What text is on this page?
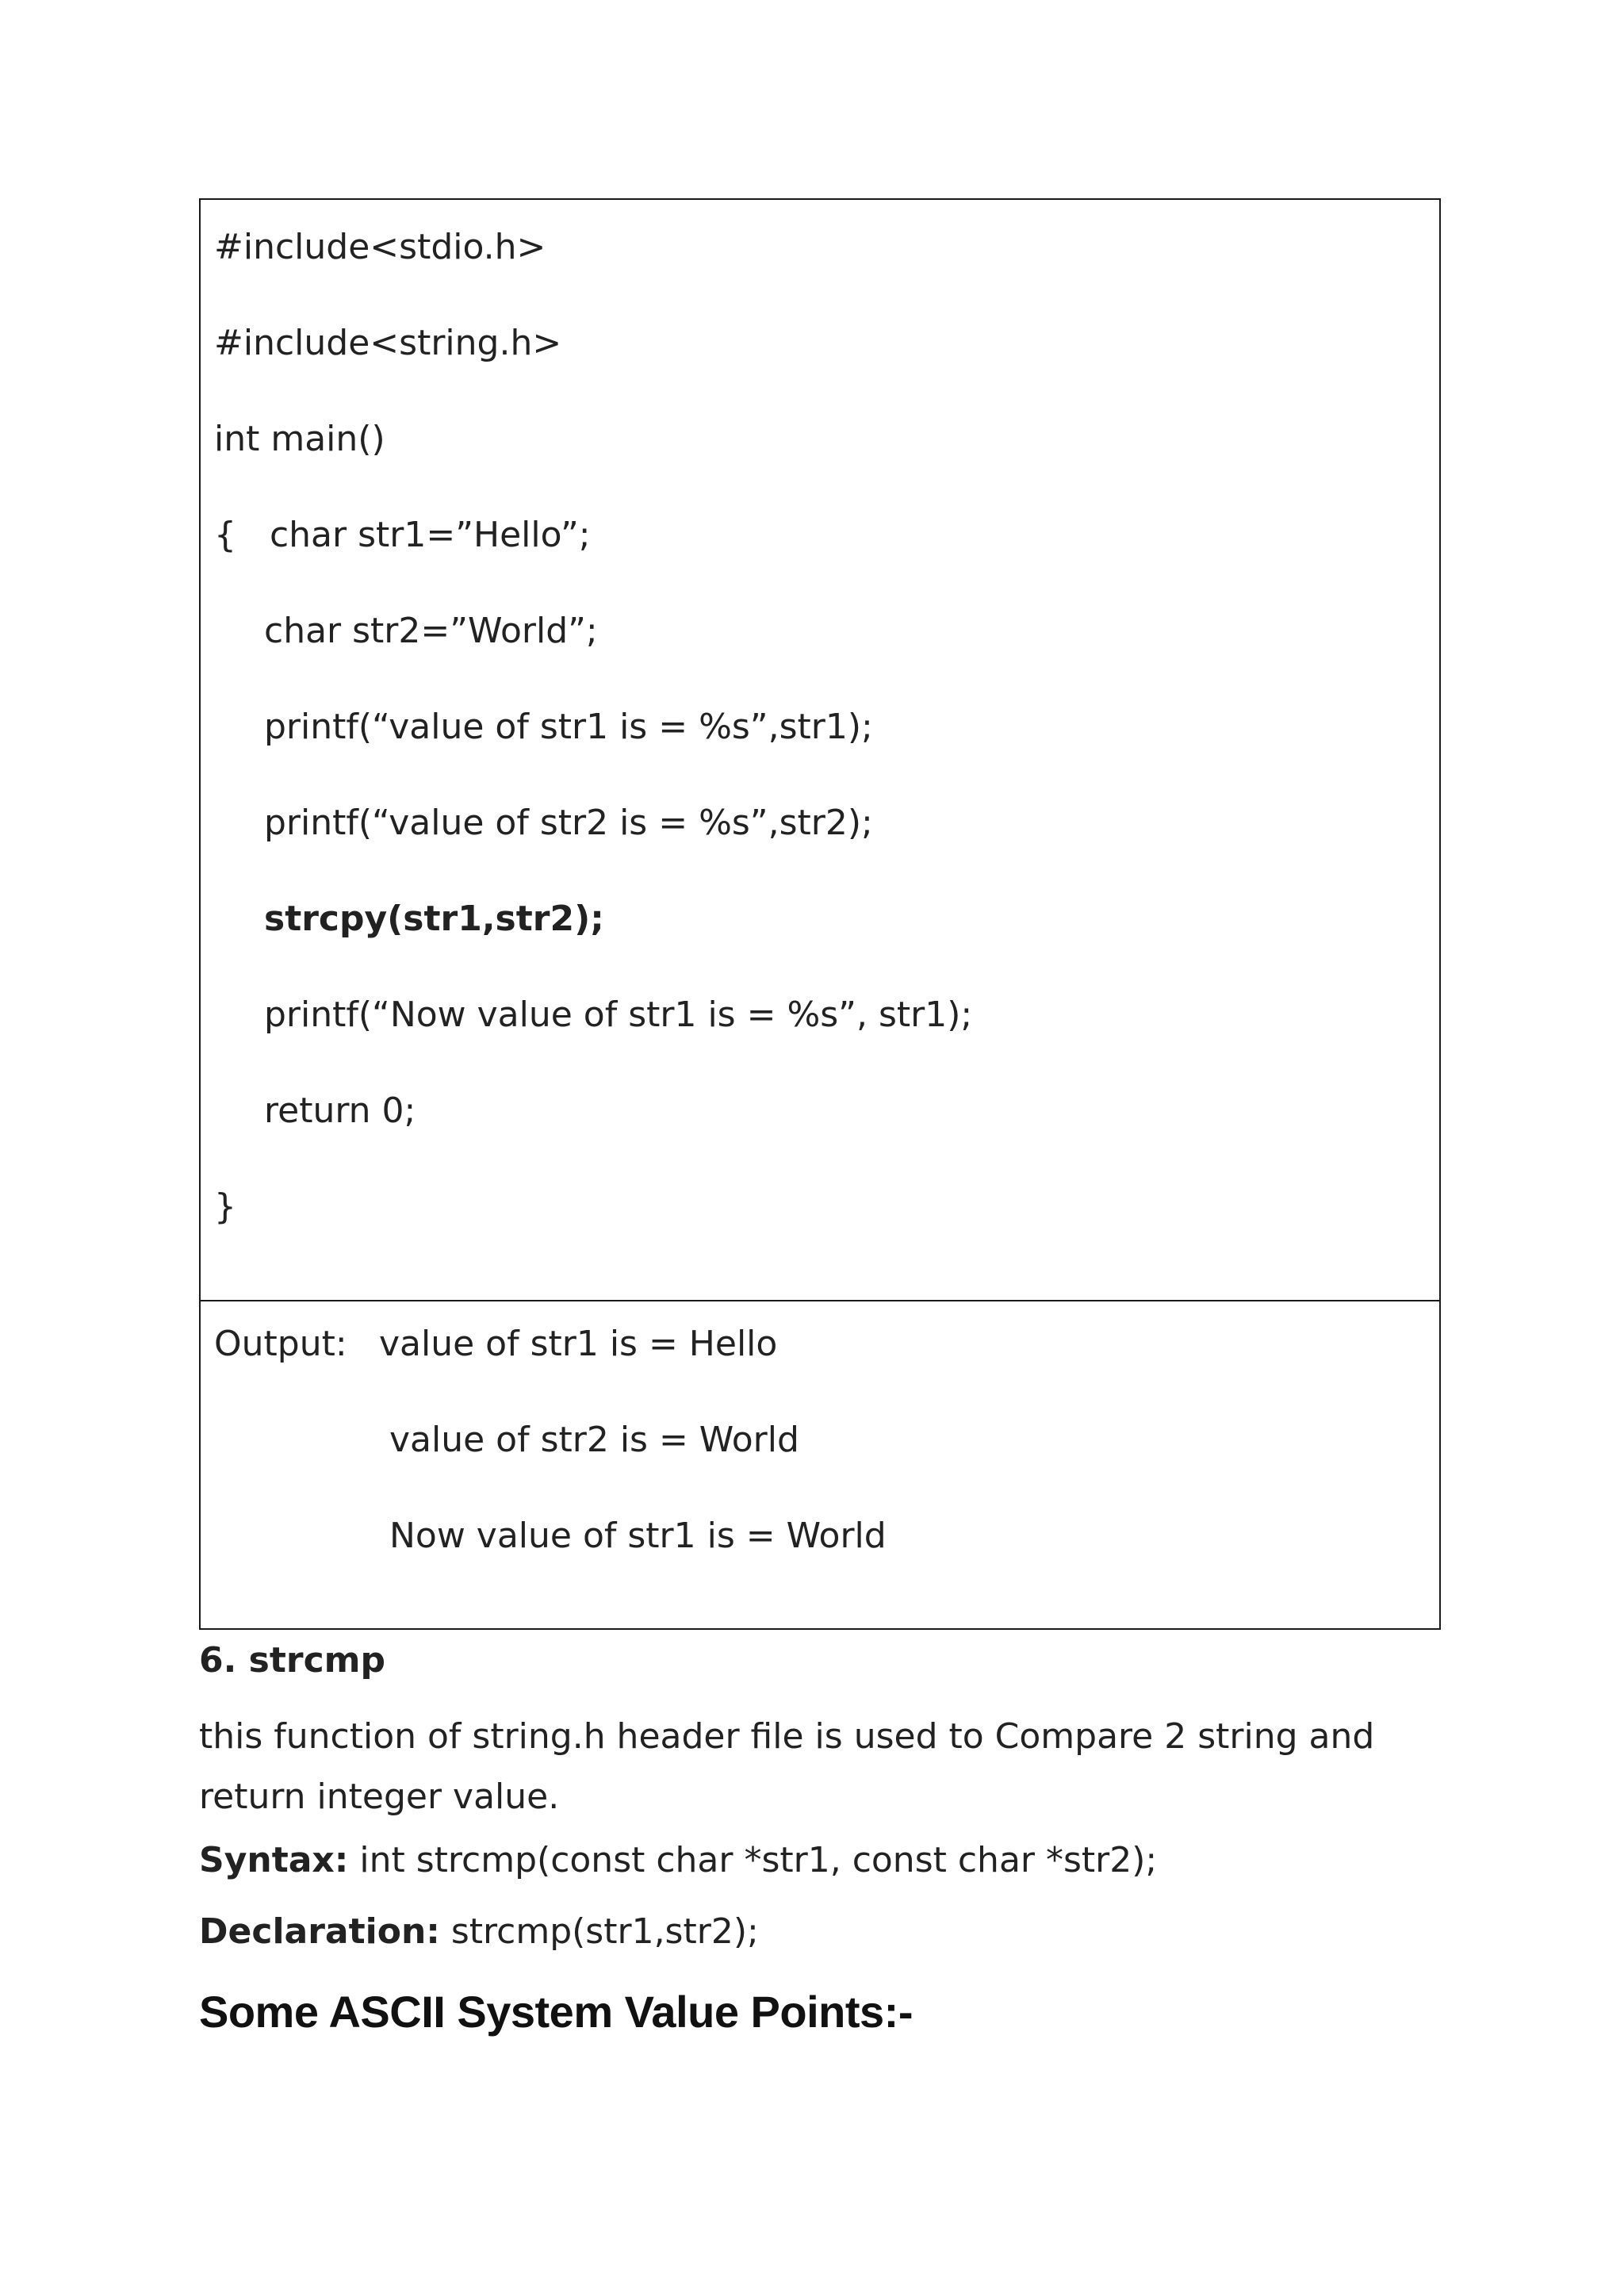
#include<stdio.h>
#include<string.h>
int main()
{   char str1=”Hello”;
char str2=”World”;
printf(“value of str1 is = %s”,str1);
printf(“value of str2 is = %s”,str2);
strcpy(str1,str2);
printf(“Now value of str1 is = %s”, str1);
return 0;
}
Output: value of str1 is = Hello
value of str2 is = World
Now value of str1 is = World
6. strcmp
this function of string.h header file is used to Compare 2 string and return integer value.
Syntax: int strcmp(const char *str1, const char *str2);
Declaration: strcmp(str1,str2);
Some ASCII System Value Points:-
